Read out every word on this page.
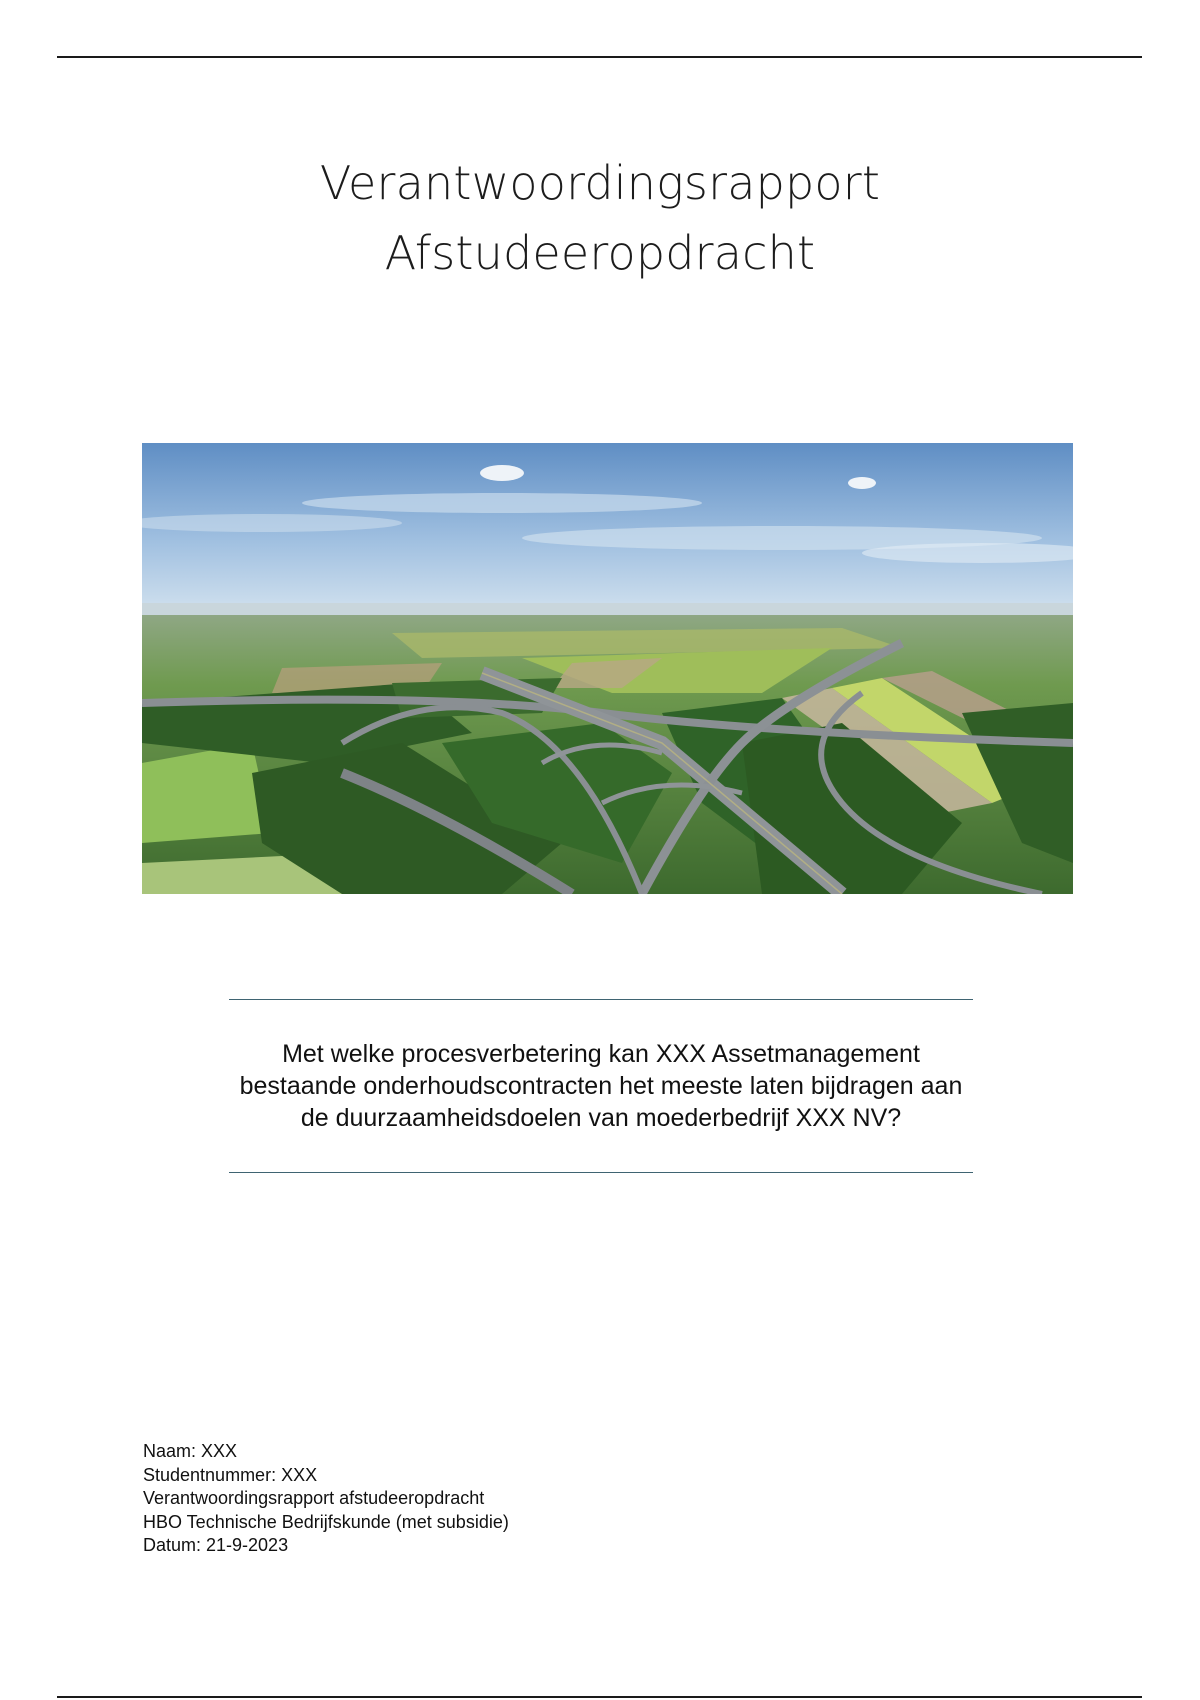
Verantwoordingsrapport
Afstudeeropdracht
Met welke procesverbetering kan XXX Assetmanagement bestaande onderhoudscontracten het meeste laten bijdragen aan de duurzaamheidsdoelen van moederbedrijf XXX NV?
Naam: XXX
Studentnummer: XXX
Verantwoordingsrapport afstudeeropdracht
HBO Technische Bedrijfskunde (met subsidie)
Datum: 21-9-2023
